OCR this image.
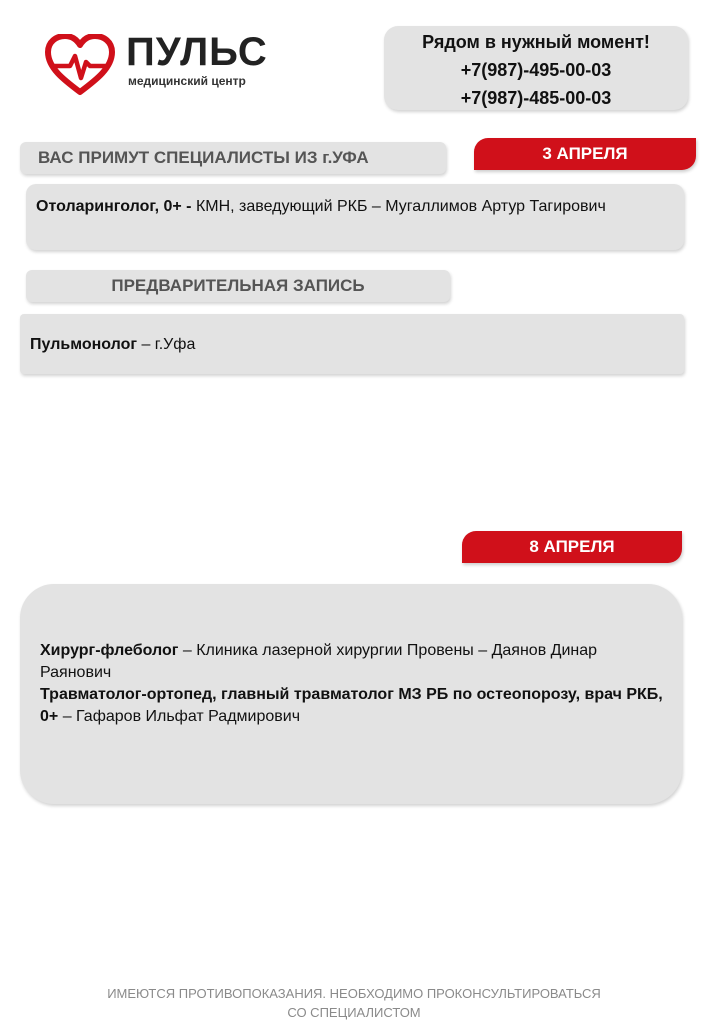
ПУЛЬС
медицинский центр
Рядом в нужный момент!
+7(987)-495-00-03
+7(987)-485-00-03
ВАС ПРИМУТ СПЕЦИАЛИСТЫ ИЗ г.УФА	3 АПРЕЛЯ
Отоларинголог, 0+ - КМН, заведующий РКБ – Мугаллимов Артур Тагирович
ПРЕДВАРИТЕЛЬНАЯ ЗАПИСЬ
Пульмонолог – г.Уфа
8 АПРЕЛЯ
Хирург-флеболог – Клиника лазерной хирургии Провены – Даянов Динар Раянович
Травматолог-ортопед, главный травматолог МЗ РБ по остеопорозу, врач РКБ, 0+ – Гафаров Ильфат Радмирович
ИМЕЮТСЯ ПРОТИВОПОКАЗАНИЯ. НЕОБХОДИМО ПРОКОНСУЛЬТИРОВАТЬСЯ
СО СПЕЦИАЛИСТОМ
